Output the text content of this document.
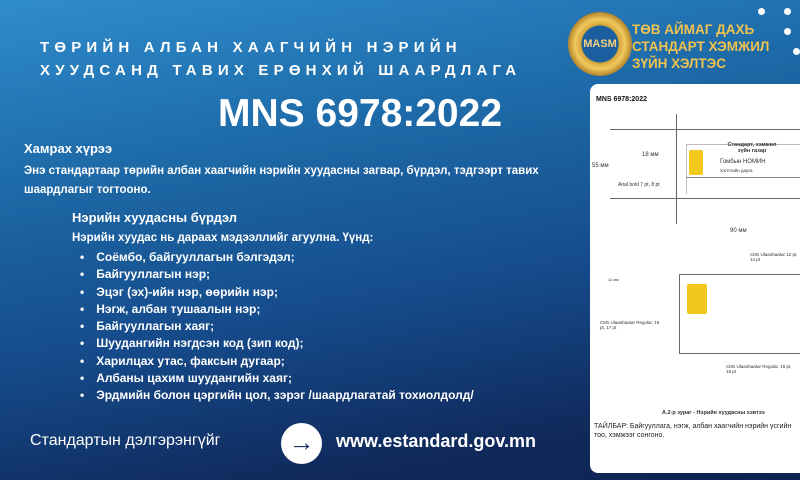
ТӨРИЙН АЛБАН ХААГЧИЙН НЭРИЙН
ХУУДСАНД ТАВИХ ЕРӨНХИЙ ШААРДЛАГА
MNS 6978:2022
MASM
ТӨВ АЙМАГ ДАХЬ
СТАНДАРТ ХЭМЖИЛ
ЗҮЙН ХЭЛТЭС
Хамрах хүрээ
Энэ стандартаар төрийн албан хаагчийн нэрийн хуудасны загвар, бүрдэл, тэдгээрт тавих шаардлагыг тогтооно.
Нэрийн хуудасны бүрдэл
Нэрийн хуудас нь дараах мэдээллийг агуулна. Үүнд:
• Соёмбо, байгууллагын бэлгэдэл;
• Байгууллагын нэр;
• Эцэг (эх)-ийн нэр, өөрийн нэр;
• Нэгж, албан тушаалын нэр;
• Байгууллагын хаяг;
• Шуудангийн нэгдсэн код (зип код);
• Харилцах утас, факсын дугаар;
• Албаны цахим шуудангийн хаяг;
• Эрдмийн болон цэргийн цол, зэрэг /шаардлагатай тохиолдолд/
Стандартын дэлгэрэнгүйг	→	www.estandard.gov.mn
MNS 6978:2022
55 мм
18 мм
Arial bold 7 pt, 8 pt
Стандарт, хэмжил зүйн газар
Гомбын НОМИН
Хэлтсийн дарга
90 мм
CMs Ulaanbaatar 12 pt, 14 pt
11 мм
CMs Ulaanbaatar Regular, 16 pt, 17 pt
CMs Ulaanbaatar Regular, 16 pt, 19 pt
А.2-р зураг - Нэрийн хуудасны хэвтээ
ТАЙЛБАР: Байгууллага, нэгж, албан хаагчийн нэрийн үсгийн тоо, хэмжээг сонгоно.
